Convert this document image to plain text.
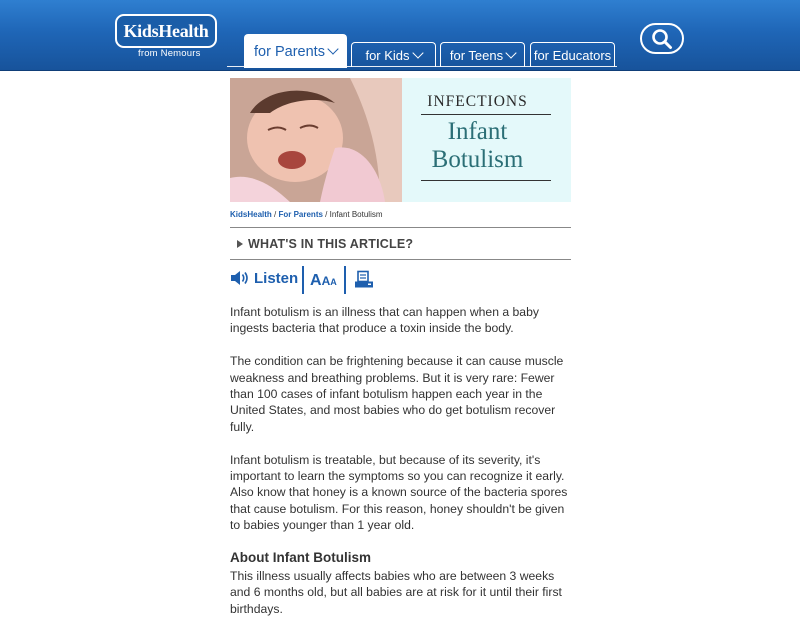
KidsHealth
from Nemours	for Parents	for Kids	for Teens for Educators
INFECTIONS
Infant
Botulism
KidsHealth / For Parents / Infant Botulism
WHAT'S IN THIS ARTICLE?
Listen AAA

Infant botulism is an illness that can happen when a baby ingests bacteria that produce a toxin inside the body.

The condition can be frightening because it can cause muscle weakness and breathing problems. But it is very rare: Fewer than 100 cases of infant botulism happen each year in the United States, and most babies who do get botulism recover fully.

Infant botulism is treatable, but because of its severity, it's important to learn the symptoms so you can recognize it early. Also know that honey is a known source of the bacteria spores that cause botulism. For this reason, honey shouldn't be given to babies younger than 1 year old.

About Infant Botulism

This illness usually affects babies who are between 3 weeks and 6 months old, but all babies are at risk for it until their first birthdays.
